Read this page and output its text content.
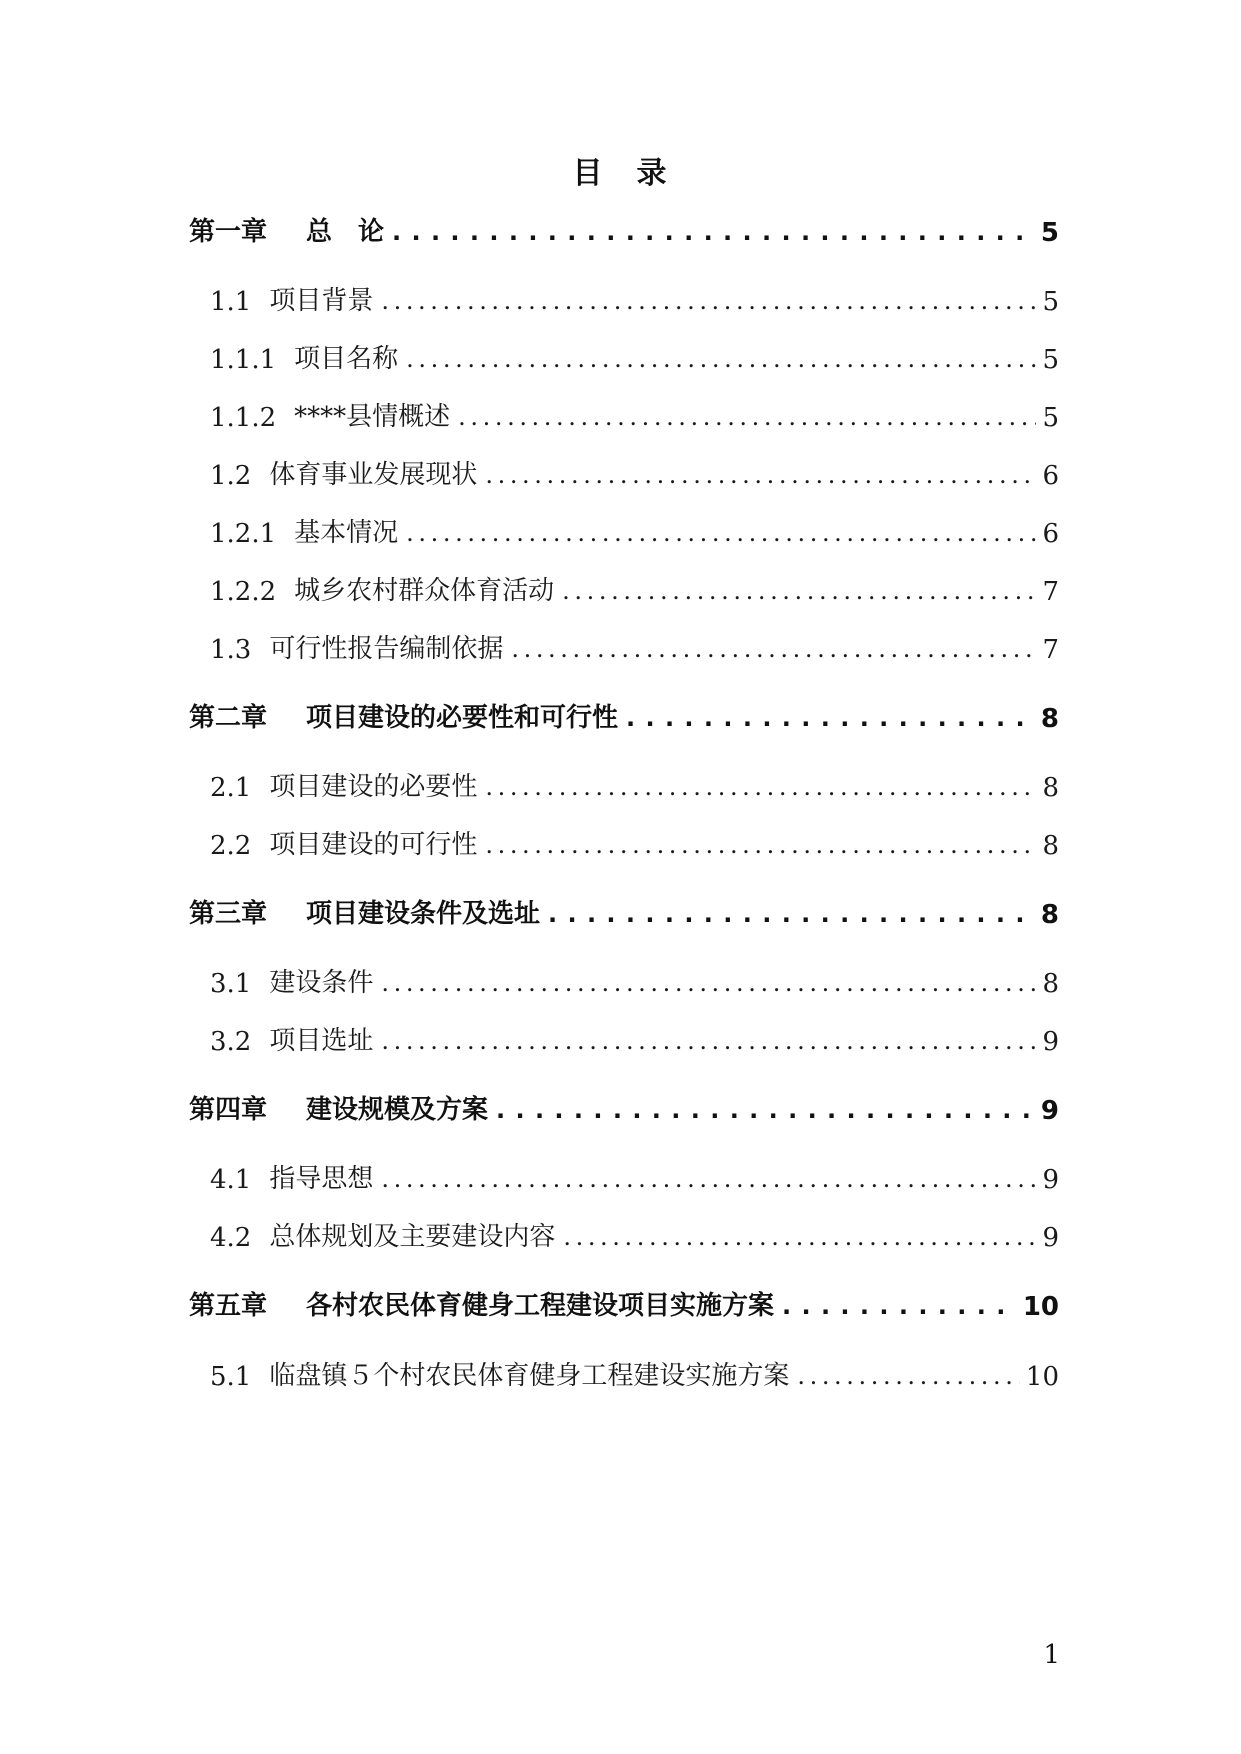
目　录
第一章	总　论 . . .	5
1.1 项目背景 .....	5
1.1.1 项目名称 .....	5
1.1.2 ****县情概述 .....	5
1.2 体育事业发展现状 .....	6
1.2.1 基本情况 .....	6
1.2.2 城乡农村群众体育活动 .....	7
1.3 可行性报告编制依据 .....	7
第二章	项目建设的必要性和可行性 . . .	8
2.1 项目建设的必要性 .....	8
2.2 项目建设的可行性 .....	8
第三章	项目建设条件及选址 . . .	8
3.1 建设条件 .....	8
3.2 项目选址 .....	9
第四章	建设规模及方案 . . .	9
4.1 指导思想 .....	9
4.2 总体规划及主要建设内容 .....	9
第五章	各村农民体育健身工程建设项目实施方案 . . .	10
5.1 临盘镇５个村农民体育健身工程建设实施方案 .....	10
1
